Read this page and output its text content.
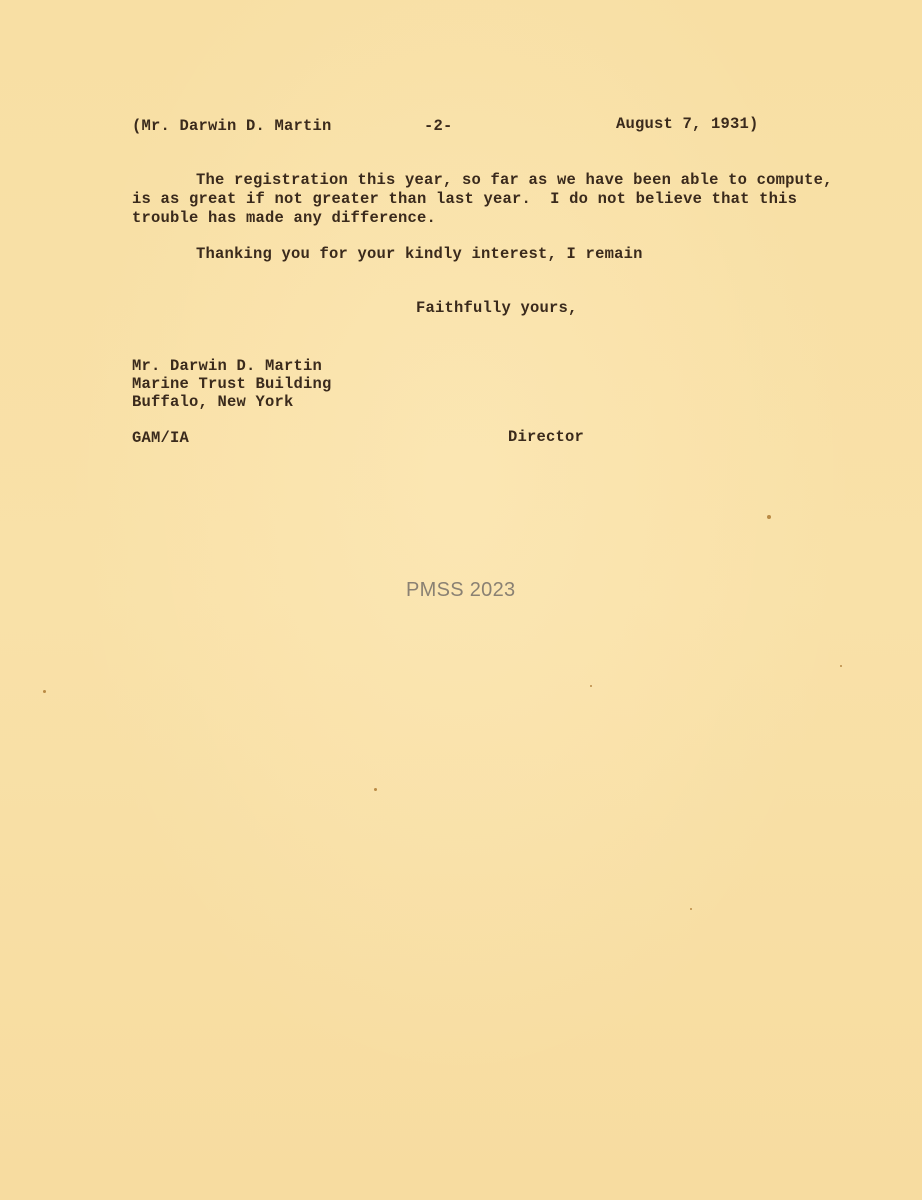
(Mr. Darwin D. Martin	-2-	August 7, 1931)
The registration this year, so far as we have been able to compute,
is as great if not greater than last year.  I do not believe that this
trouble has made any difference.
Thanking you for your kindly interest, I remain
Faithfully yours,
Mr. Darwin D. Martin
Marine Trust Building
Buffalo, New York
GAM/IA	Director
PMSS 2023
